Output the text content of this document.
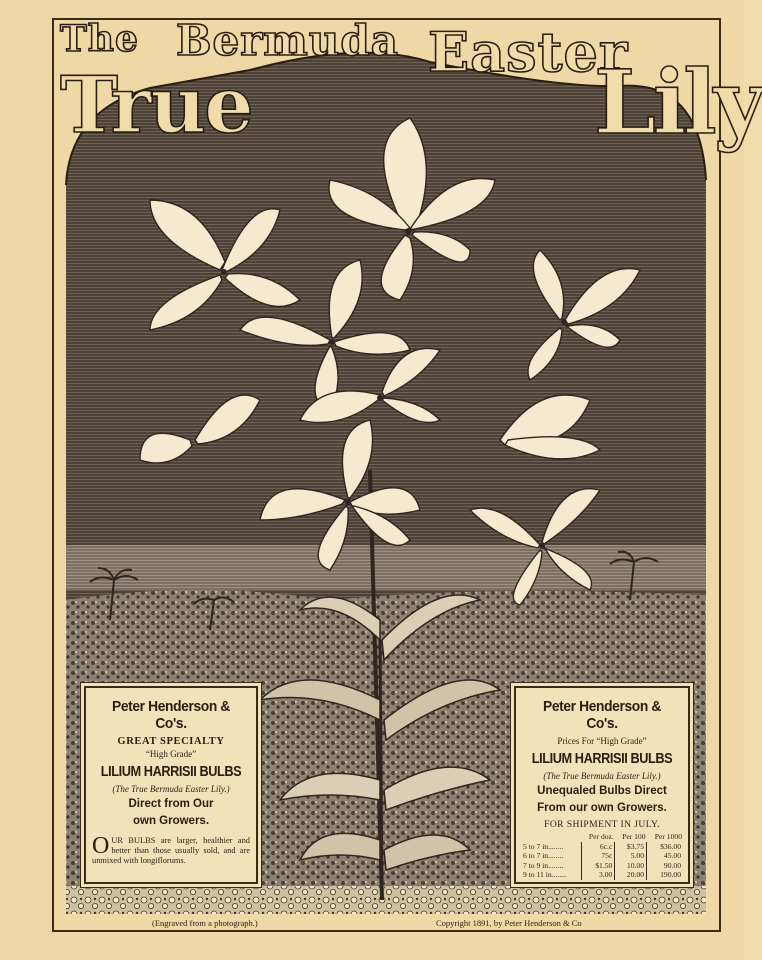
The
True
Bermuda Easter
Lily
Peter Henderson & Co's.
GREAT SPECIALTY
“High Grade”
LILIUM HARRISII BULBS
(The True Bermuda Easter Lily.)
Direct from Our
own Growers.
OUR BULBS are larger, healthier and better than those usually sold, and are unmixed with longiflorums.
Peter Henderson & Co's.
Prices For “High Grade”
LILIUM HARRISII BULBS
(The True Bermuda Easter Lily.)
Unequaled Bulbs Direct
From our own Growers.
FOR SHIPMENT IN JULY.
	Per doz.	Per 100	Per 1000
5 to 7 in........	6c.c	$3.75	$36.00
6 to 7 in........	75c	5.00	45.00
7 to 9 in........	$1.50	10.00	90.00
9 to 11 in........	3.00	20.00	190.00
(Engraved from a photograph.)	Copyright 1891, by Peter Henderson & Co
